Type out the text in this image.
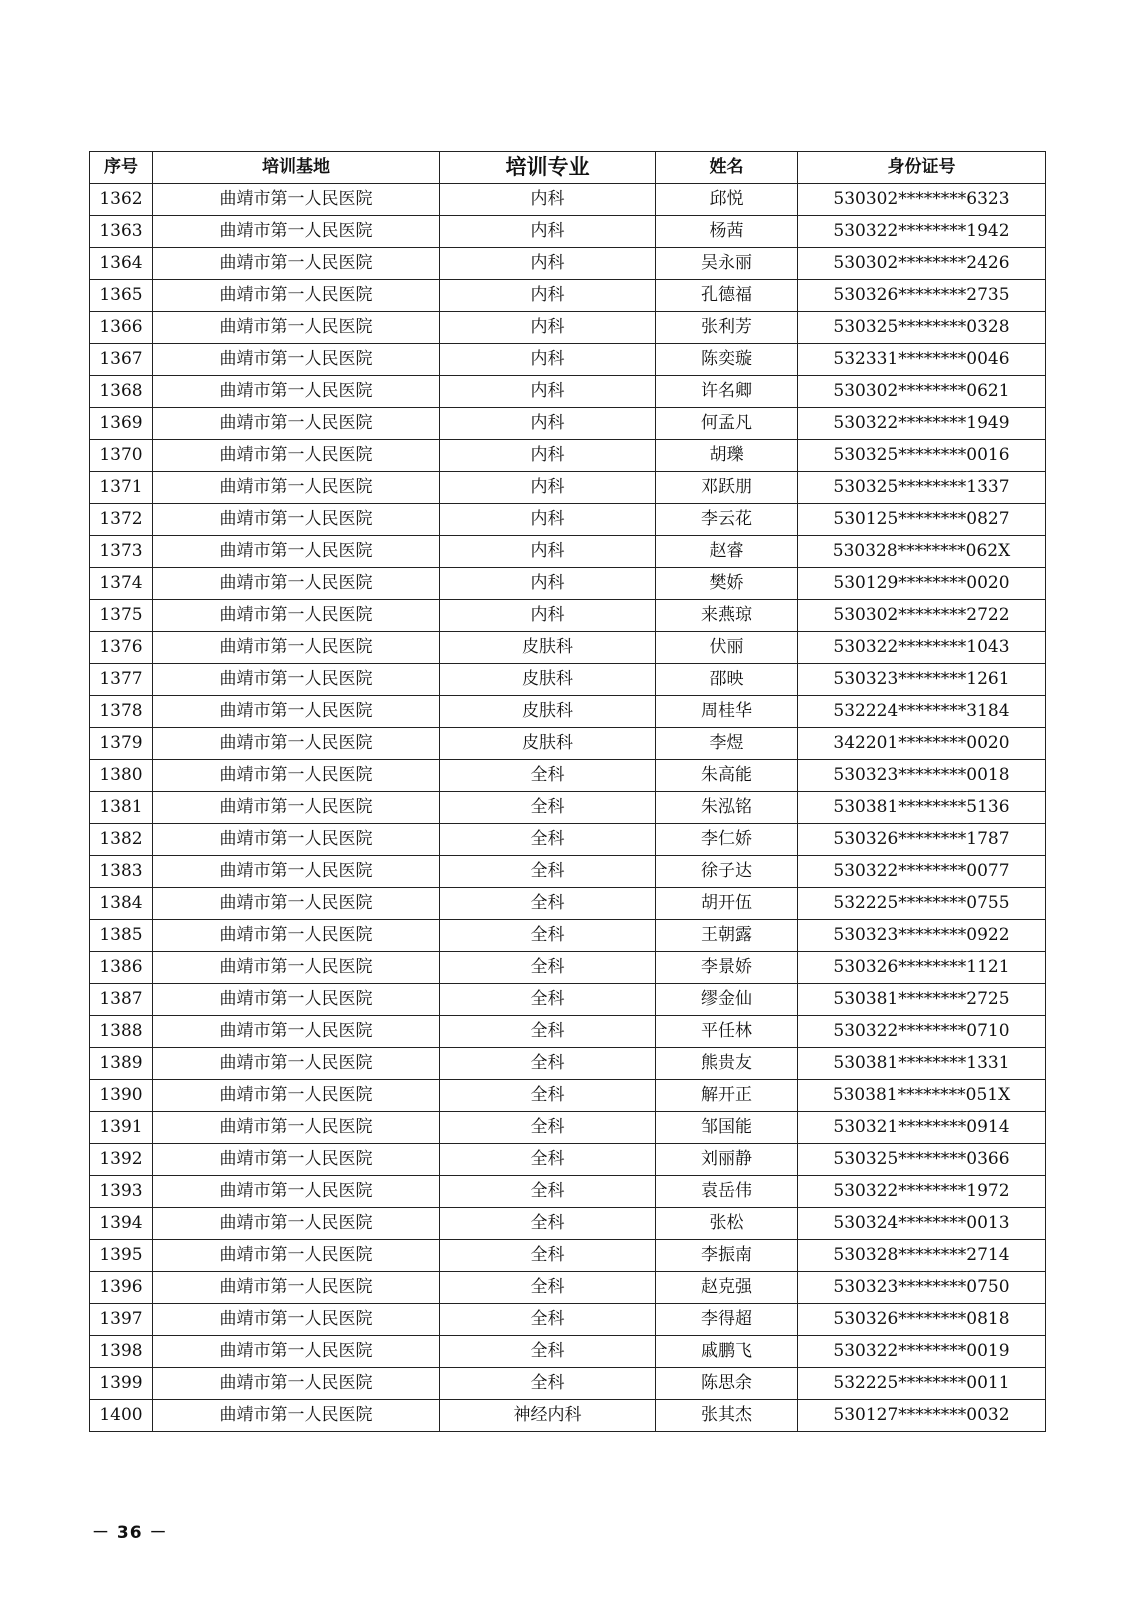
序号	培训基地	培训专业	姓名	身份证号
1362	曲靖市第一人民医院	内科	邱悦	530302********6323
1363	曲靖市第一人民医院	内科	杨茜	530322********1942
1364	曲靖市第一人民医院	内科	吴永丽	530302********2426
1365	曲靖市第一人民医院	内科	孔德福	530326********2735
1366	曲靖市第一人民医院	内科	张利芳	530325********0328
1367	曲靖市第一人民医院	内科	陈奕璇	532331********0046
1368	曲靖市第一人民医院	内科	许名卿	530302********0621
1369	曲靖市第一人民医院	内科	何孟凡	530322********1949
1370	曲靖市第一人民医院	内科	胡瓅	530325********0016
1371	曲靖市第一人民医院	内科	邓跃朋	530325********1337
1372	曲靖市第一人民医院	内科	李云花	530125********0827
1373	曲靖市第一人民医院	内科	赵睿	530328********062X
1374	曲靖市第一人民医院	内科	樊娇	530129********0020
1375	曲靖市第一人民医院	内科	来燕琼	530302********2722
1376	曲靖市第一人民医院	皮肤科	伏丽	530322********1043
1377	曲靖市第一人民医院	皮肤科	邵映	530323********1261
1378	曲靖市第一人民医院	皮肤科	周桂华	532224********3184
1379	曲靖市第一人民医院	皮肤科	李煜	342201********0020
1380	曲靖市第一人民医院	全科	朱高能	530323********0018
1381	曲靖市第一人民医院	全科	朱泓铭	530381********5136
1382	曲靖市第一人民医院	全科	李仁娇	530326********1787
1383	曲靖市第一人民医院	全科	徐子达	530322********0077
1384	曲靖市第一人民医院	全科	胡开伍	532225********0755
1385	曲靖市第一人民医院	全科	王朝露	530323********0922
1386	曲靖市第一人民医院	全科	李景娇	530326********1121
1387	曲靖市第一人民医院	全科	缪金仙	530381********2725
1388	曲靖市第一人民医院	全科	平任林	530322********0710
1389	曲靖市第一人民医院	全科	熊贵友	530381********1331
1390	曲靖市第一人民医院	全科	解开正	530381********051X
1391	曲靖市第一人民医院	全科	邹国能	530321********0914
1392	曲靖市第一人民医院	全科	刘丽静	530325********0366
1393	曲靖市第一人民医院	全科	袁岳伟	530322********1972
1394	曲靖市第一人民医院	全科	张松	530324********0013
1395	曲靖市第一人民医院	全科	李振南	530328********2714
1396	曲靖市第一人民医院	全科	赵克强	530323********0750
1397	曲靖市第一人民医院	全科	李得超	530326********0818
1398	曲靖市第一人民医院	全科	戚鹏飞	530322********0019
1399	曲靖市第一人民医院	全科	陈思余	532225********0011
1400	曲靖市第一人民医院	神经内科	张其杰	530127********0032
－ 36 －
